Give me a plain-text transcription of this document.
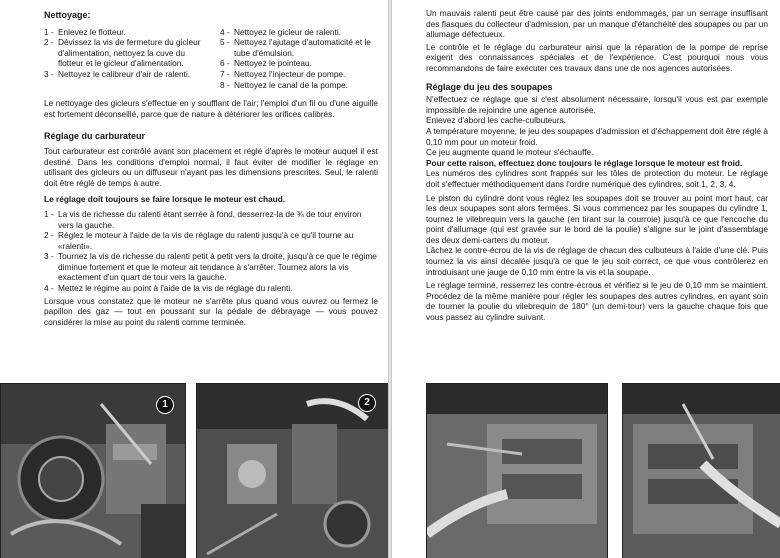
Nettoyage:

1 - Enlevez le flotteur.
2 - Dévissez la vis de fermeture du gicleur d'alimentation, nettoyez la cuve du flotteur et le gicleur d'alimentation.
3 - Nettoyez le calibreur d'air de ralenti.
4 - Nettoyez le gicleur de ralenti.
5 - Nettoyez l'ajutage d'automaticité et le tube d'émulsion.
6 - Nettoyez le pointeau.
7 - Nettoyez l'injecteur de pompe.
8 - Nettoyez le canal de la pompe.

Le nettoyage des gicleurs s'effectue en y soufflant de l'air; l'emploi d'un fil ou d'une aiguille est fortement déconseillé, parce que de nature à détériorer les orifices calibrés.

Réglage du carburateur

Tout carburateur est contrôlé avant son placement et réglé d'après le moteur auquel il est destiné. Dans les conditions d'emploi normal, il faut éviter de modifier le réglage en utilisant des gicleurs ou un diffuseur n'ayant pas les dimensions prescrites. Seul, le ralenti doit être réglé de temps à autre.

Le réglage doit toujours se faire lorsque le moteur est chaud.

1 - La vis de richesse du ralenti étant serrée à fond, desserrez-la de ¾ de tour environ vers la gauche.
2 - Réglez le moteur à l'aide de la vis de réglage du ralenti jusqu'à ce qu'il tourne au «ralenti».
3 - Tournez la vis de richesse du ralenti petit à petit vers la droite, jusqu'à ce que le régime diminue fortement et que le moteur ait tendance à s'arrêter. Tournez alors la vis exactement d'un quart de tour vers la gauche.
4 - Mettez le régime au point à l'aide de la vis de réglage du ralenti.

Lorsque vous constatez que le moteur ne s'arrête plus quand vous ouvrez ou fermez le papillon des gaz — tout en poussant sur la pédale de débrayage — vous pouvez considérer la mise au point du ralenti comme terminée.

1	2

Un mauvais ralenti peut être causé par des joints endommagés, par un serrage insuffisant des flasques du collecteur d'admission, par un manque d'étanchéité des soupapes ou par un allumage défectueux.

Le contrôle et le réglage du carburateur ainsi que la réparation de la pompe de reprise exigent des connaissances spéciales et de l'expérience. C'est pourquoi nous vous recommandons de faire exécuter ces travaux dans une de nos agences autorisées.

Réglage du jeu des soupapes

N'effectuez ce réglage que si c'est absolument nécessaire, lorsqu'il vous est par exemple impossible de rejoindre une agence autorisée.

Enlevez d'abord les cache-culbuteurs.

A température moyenne, le jeu des soupapes d'admission et d'échappement doit être réglé à 0,10 mm pour un moteur froid.

Ce jeu augmente quand le moteur s'échauffe.

Pour cette raison, effectuez donc toujours le réglage lorsque le moteur est froid.

Les numéros des cylindres sont frappés sur les tôles de protection du moteur. Le réglage doit s'effectuer méthodiquement dans l'ordre numérique des cylindres, soit 1, 2, 3, 4.

Le piston du cylindre dont vous réglez les soupapes doit se trouver au point mort haut, car les deux soupapes sont alors fermées. Si vous commencez par les soupapes du cylindre 1, tournez le vilebrequin vers la gauche (en tirant sur la courroie) jusqu'à ce que l'encoche du point d'allumage (qui est gravée sur le bord de la poulie) s'aligne sur le joint d'assemblage des deux demi-carters du moteur.

Lâchez le contre-écrou de la vis de réglage de chacun des culbuteurs à l'aide d'une clé. Puis tournez la vis ainsi décalée jusqu'à ce que le jeu soit correct, ce que vous contrôlerez en introduisant une jauge de 0,10 mm entre la vis et la soupape.

Le réglage terminé, resserrez les contre-écrous et vérifiez si le jeu de 0,10 mm se maintient. Procédez de la même manière pour régler les soupapes des autres cylindres, en ayant soin de tourner la poulie du vilebrequin de 180° (un demi-tour) vers la gauche chaque fois que vous passez au cylindre suivant.
